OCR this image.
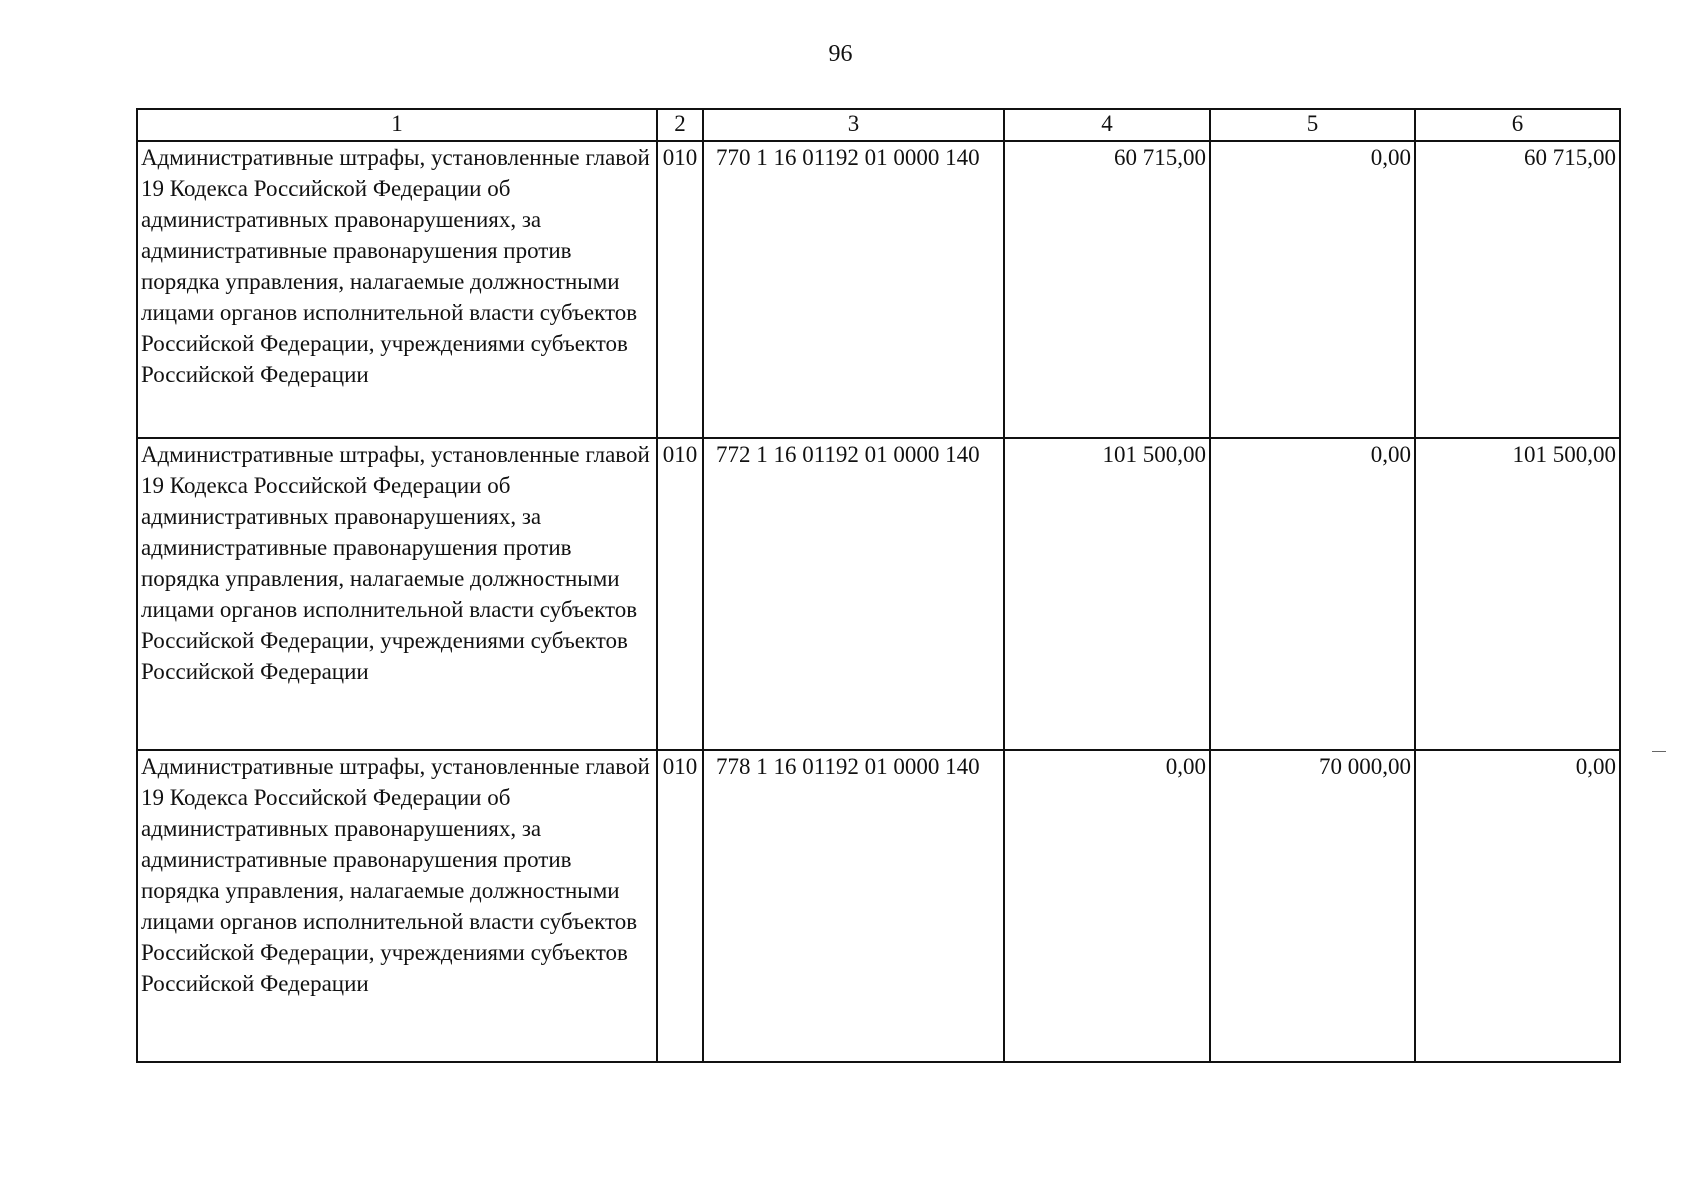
96
1	2	3	4	5	6
Административные штрафы, установленные главой 19 Кодекса Российской Федерации об административных правонарушениях, за административные правонарушения против порядка управления, налагаемые должностными лицами органов исполнительной власти субъектов Российской Федерации, учреждениями субъектов Российской Федерации	010	770 1 16 01192 01 0000 140	60 715,00	0,00	60 715,00
Административные штрафы, установленные главой 19 Кодекса Российской Федерации об административных правонарушениях, за административные правонарушения против порядка управления, налагаемые должностными лицами органов исполнительной власти субъектов Российской Федерации, учреждениями субъектов Российской Федерации	010	772 1 16 01192 01 0000 140	101 500,00	0,00	101 500,00
Административные штрафы, установленные главой 19 Кодекса Российской Федерации об административных правонарушениях, за административные правонарушения против порядка управления, налагаемые должностными лицами органов исполнительной власти субъектов Российской Федерации, учреждениями субъектов Российской Федерации	010	778 1 16 01192 01 0000 140	0,00	70 000,00	0,00
